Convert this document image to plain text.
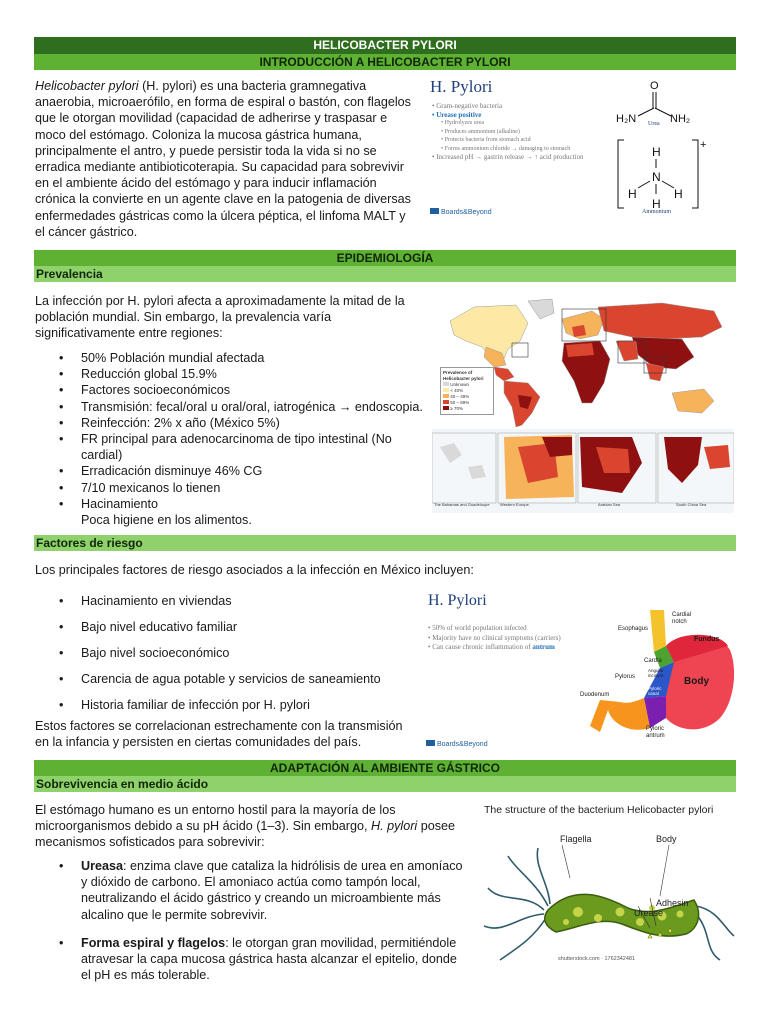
HELICOBACTER PYLORI
INTRODUCCIÓN A HELICOBACTER PYLORI
Helicobacter pylori (H. pylori) es una bacteria gramnegativa anaerobia, microaerófilo, en forma de espiral o bastón, con flagelos que le otorgan movilidad (capacidad de adherirse y traspasar e moco del estómago. Coloniza la mucosa gástrica humana, principalmente el antro, y puede persistir toda la vida si no se erradica mediante antibioticoterapia. Su capacidad para sobrevivir en el ambiente ácido del estómago y para inducir inflamación crónica la convierte en un agente clave en la patogenia de diversas enfermedades gástricas como la úlcera péptica, el linfoma MALT y el cáncer gástrico.
H. Pylori
• Gram-negative bacteria
• Urease positive
• Hydrolyzes urea
• Produces ammonium (alkaline)
• Protects bacteria from stomach acid
• Forms ammonium chloride → damaging to stomach
• Increased pH → gastrin release → ↑ acid production
O
H₂N	NH₂
Urea
+
H
N
H	H
H
Ammonium
Boards&Beyond
EPIDEMIOLOGÍA
Prevalencia
La infección por H. pylori afecta a aproximadamente la mitad de la población mundial. Sin embargo, la prevalencia varía significativamente entre regiones:
• 50% Población mundial afectada
• Reducción global 15.9%
• Factores socioeconómicos
• Transmisión: fecal/oral u oral/oral, iatrogénica → endoscopia.
• Reinfección: 2% x año (México 5%)
• FR principal para adenocarcinoma de tipo intestinal (No cardial)
• Erradicación disminuye 46% CG
• 7/10 mexicanos lo tienen
• Hacinamiento
Poca higiene en los alimentos.
Prevalence of Helicobacter pylori
Unknown
< 40%
40 – 49%
50 – 69%
≥ 70%
The Bahamas and Guadeloupe	Western Europe	Arabian Sea	South China Sea
Factores de riesgo
Los principales factores de riesgo asociados a la infección en México incluyen:
• Hacinamiento en viviendas
• Bajo nivel educativo familiar
• Bajo nivel socioeconómico
• Carencia de agua potable y servicios de saneamiento
• Historia familiar de infección por H. pylori
Estos factores se correlacionan estrechamente con la transmisión en la infancia y persisten en ciertas comunidades del país.
H. Pylori
• 50% of world population infected
• Majority have no clinical symptoms (carriers)
• Can cause chronic inflammation of antrum
Cardial notch
Esophagus
Fundus
Cardia
Angular incisure
Pylorus	Body
Duodenum
Pyloric canal
Pyloric antrum
Boards&Beyond
ADAPTACIÓN AL AMBIENTE GÁSTRICO
Sobrevivencia en medio ácido
El estómago humano es un entorno hostil para la mayoría de los microorganismos debido a su pH ácido (1–3). Sin embargo, H. pylori posee mecanismos sofisticados para sobrevivir:
• Ureasa: enzima clave que cataliza la hidrólisis de urea en amoníaco y dióxido de carbono. El amoniaco actúa como tampón local, neutralizando el ácido gástrico y creando un microambiente más alcalino que le permite sobrevivir.
• Forma espiral y flagelos: le otorgan gran movilidad, permitiéndole atravesar la capa mucosa gástrica hasta alcanzar el epitelio, donde el pH es más tolerable.
The structure of the bacterium Helicobacter pylori
Flagella	Body
Adhesin
Urease
shutterstock.com · 1762342481
